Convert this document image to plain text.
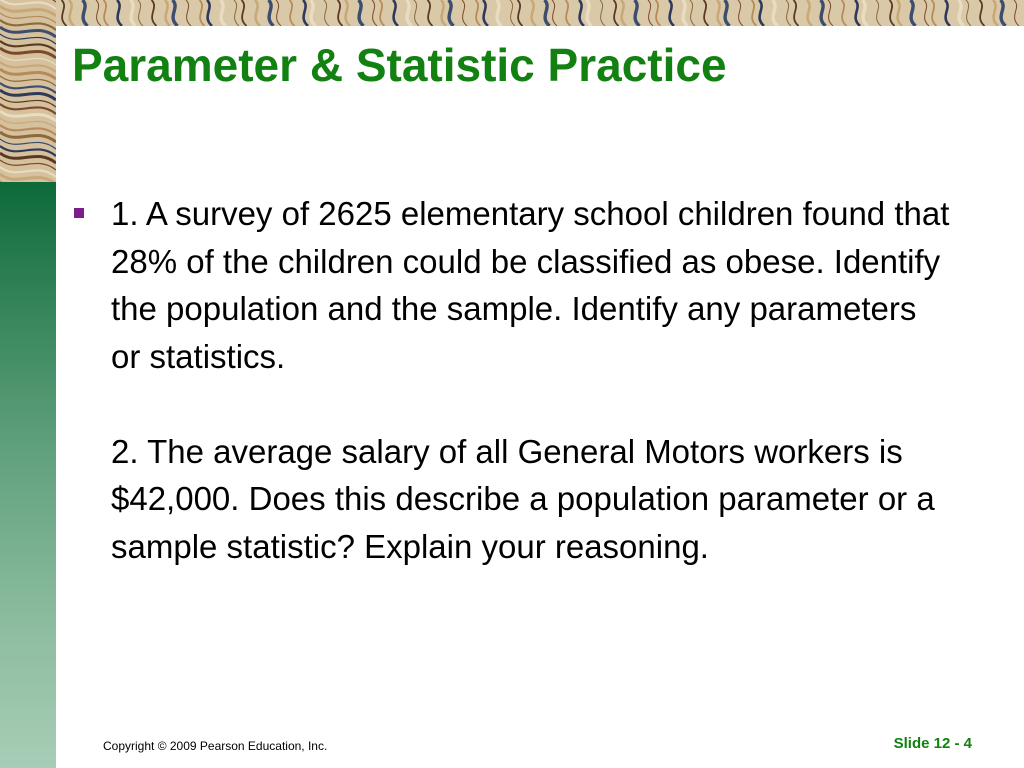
Parameter & Statistic Practice

1. A survey of 2625 elementary school children found that 28% of the children could be classified as obese. Identify the population and the sample. Identify any parameters or statistics.

2. The average salary of all General Motors workers is $42,000. Does this describe a population parameter or a sample statistic? Explain your reasoning.

Copyright © 2009 Pearson Education, Inc.	Slide 12 - 4
